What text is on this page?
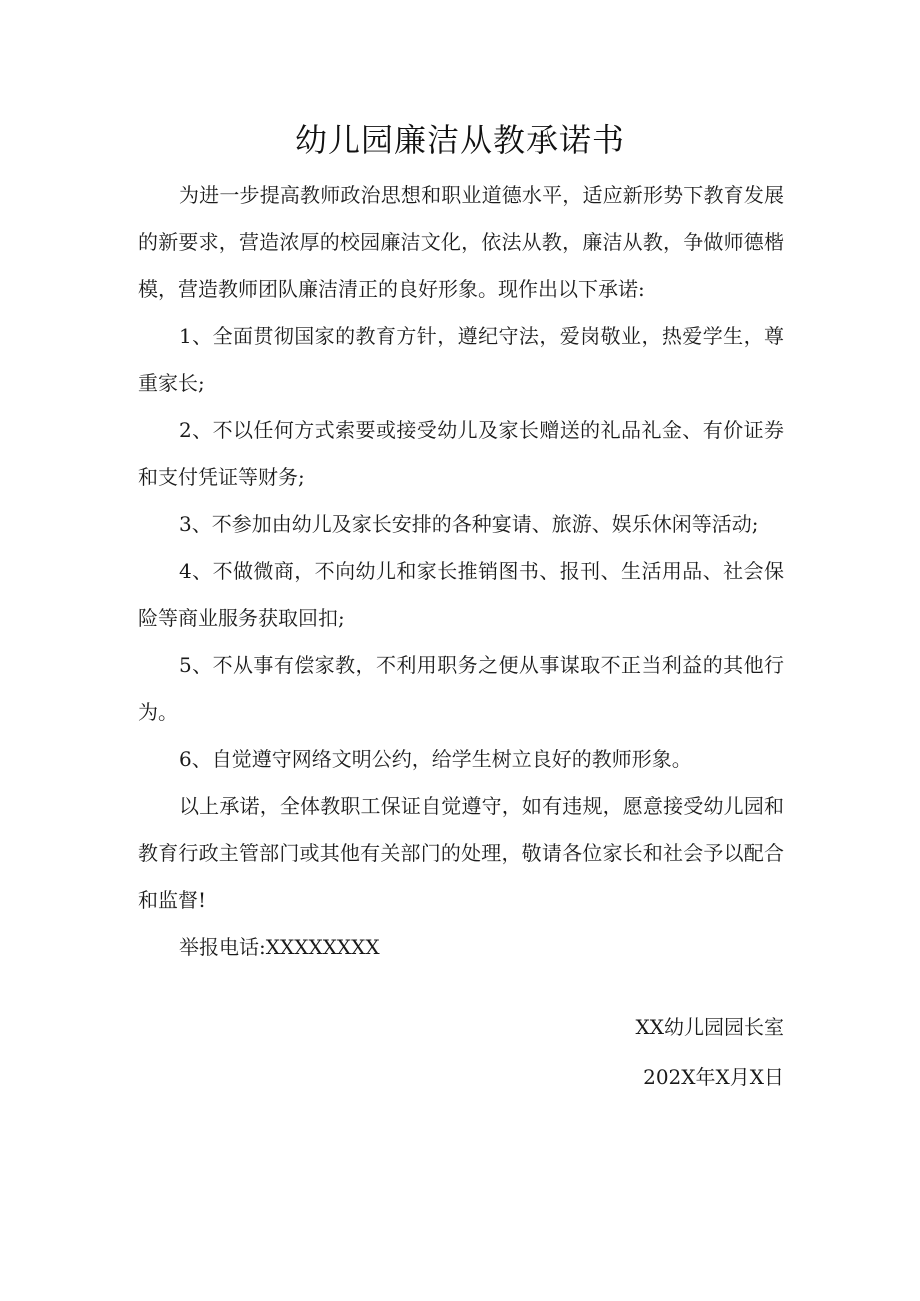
幼儿园廉洁从教承诺书

为进一步提高教师政治思想和职业道德水平，适应新形势下教育发展的新要求，营造浓厚的校园廉洁文化，依法从教，廉洁从教，争做师德楷模，营造教师团队廉洁清正的良好形象。现作出以下承诺:

1、全面贯彻国家的教育方针，遵纪守法，爱岗敬业，热爱学生，尊重家长;

2、不以任何方式索要或接受幼儿及家长赠送的礼品礼金、有价证券和支付凭证等财务;

3、不参加由幼儿及家长安排的各种宴请、旅游、娱乐休闲等活动;

4、不做微商，不向幼儿和家长推销图书、报刊、生活用品、社会保险等商业服务获取回扣;

5、不从事有偿家教，不利用职务之便从事谋取不正当利益的其他行为。

6、自觉遵守网络文明公约，给学生树立良好的教师形象。

以上承诺，全体教职工保证自觉遵守，如有违规，愿意接受幼儿园和教育行政主管部门或其他有关部门的处理，敬请各位家长和社会予以配合和监督!

举报电话:XXXXXXXX

XX幼儿园园长室
202X年X月X日
